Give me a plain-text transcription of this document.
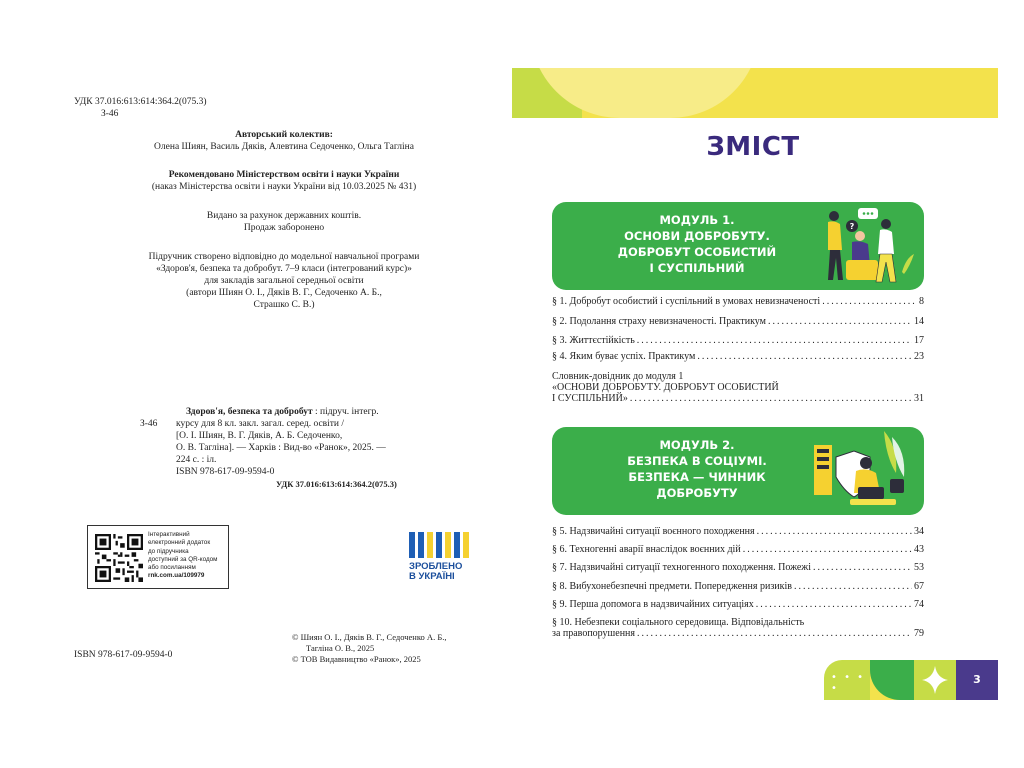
УДК 37.016:613:614:364.2(075.3)
З-46
Авторський колектив:
Олена Шиян, Василь Дяків, Алевтина Седоченко, Ольга Тагліна
Рекомендовано Міністерством освіти і науки України
(наказ Міністерства освіти і науки України від 10.03.2025 № 431)
Видано за рахунок державних коштів.
Продаж заборонено
Підручник створено відповідно до модельної навчальної програми
«Здоров'я, безпека та добробут. 7–9 класи (інтегрований курс)»
для закладів загальної середньої освіти
(автори Шиян О. І., Дяків В. Г., Седоченко А. Б.,
Страшко С. В.)
Здоров'я, безпека та добробут : підруч. інтегр.
З-46 курсу для 8 кл. закл. загал. серед. освіти /
[О. І. Шиян, В. Г. Дяків, А. Б. Седоченко,
О. В. Тагліна]. — Харків : Вид-во «Ранок», 2025. —
224 с. : іл.
ISBN 978-617-09-9594-0
УДК 37.016:613:614:364.2(075.3)
Інтерактивний
електронний додаток
до підручника
доступний за QR-кодом
або посиланням
rnk.com.ua/109979
ЗРОБЛЕНО
В УКРАЇНІ
ISBN 978-617-09-9594-0
© Шиян О. І., Дяків В. Г., Седоченко А. Б.,
Тагліна О. В., 2025
© ТОВ Видавництво «Ранок», 2025
ЗМІСТ
МОДУЛЬ 1.
ОСНОВИ ДОБРОБУТУ.
ДОБРОБУТ ОСОБИСТИЙ
І СУСПІЛЬНИЙ
?
§ 1. Добробут особистий і суспільний в умовах невизначеності .....	8
§ 2. Подолання страху невизначеності. Практикум .....	14
§ 3. Життєстійкість .....	17
§ 4. Яким буває успіх. Практикум .....	23
Словник-довідник до модуля 1
«ОСНОВИ ДОБРОБУТУ. ДОБРОБУТ ОСОБИСТИЙ
І СУСПІЛЬНИЙ» .....	31
МОДУЛЬ 2.
БЕЗПЕКА В СОЦІУМІ.
БЕЗПЕКА — ЧИННИК
ДОБРОБУТУ
§ 5. Надзвичайні ситуації воєнного походження .....	34
§ 6. Техногенні аварії внаслідок воєнних дій .....	43
§ 7. Надзвичайні ситуації техногенного походження. Пожежі .....	53
§ 8. Вибухонебезпечні предмети. Попередження ризиків .....	67
§ 9. Перша допомога в надзвичайних ситуаціях .....	74
§ 10. Небезпеки соціального середовища. Відповідальність
за правопорушення .....	79
• • • •
3
